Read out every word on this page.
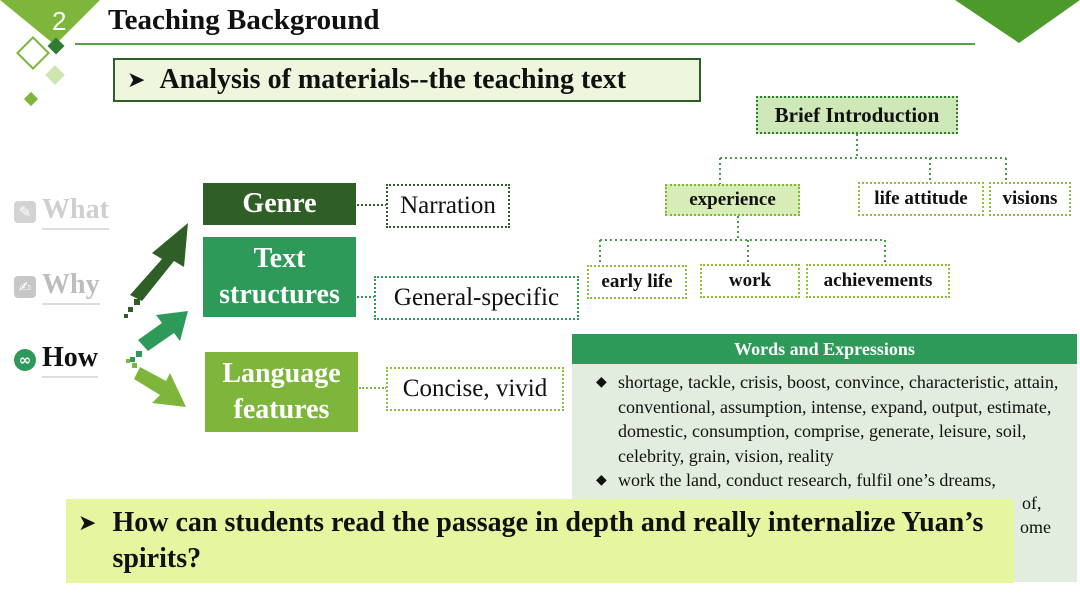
2 Teaching Background
➤ Analysis of materials--the teaching text
✎ What
✍ Why
∞ How
Genre
Text structures
Language features
Narration
General-specific
Concise, vivid
Brief Introduction
experience	life attitude visions
early life	work	achievements
Words and Expressions
◆ shortage, tackle, crisis, boost, convince, characteristic, attain, conventional, assumption, intense, expand, output, estimate, domestic, consumption, comprise, generate, leisure, soil, celebrity, grain, vision, reality
◆ work the land, conduct research, fulfil one’s dreams,
of,
ome
➤ How can students read the passage in depth and really internalize Yuan’s spirits?
